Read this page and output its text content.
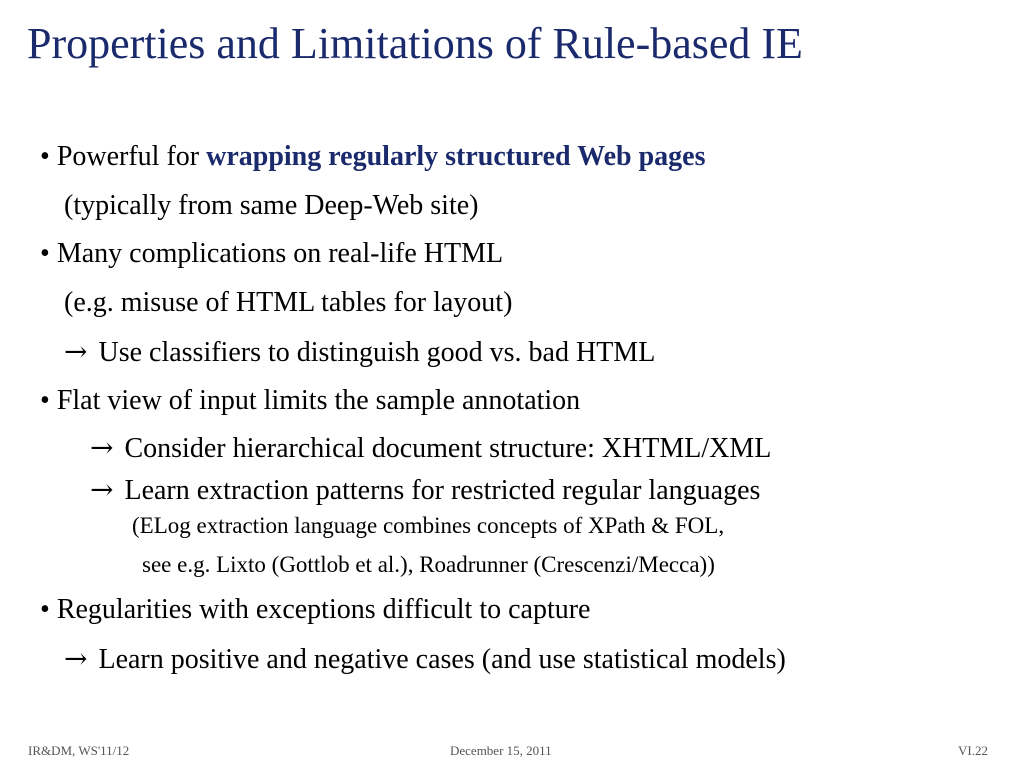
Properties and Limitations of Rule-based IE
• Powerful for wrapping regularly structured Web pages
(typically from same Deep-Web site)
• Many complications on real-life HTML
(e.g. misuse of HTML tables for layout)
→ Use classifiers to distinguish good vs. bad HTML
• Flat view of input limits the sample annotation
→ Consider hierarchical document structure: XHTML/XML
→ Learn extraction patterns for restricted regular languages
(ELog extraction language combines concepts of XPath & FOL,
see e.g. Lixto (Gottlob et al.), Roadrunner (Crescenzi/Mecca))
• Regularities with exceptions difficult to capture
→ Learn positive and negative cases (and use statistical models)
IR&DM, WS'11/12	December 15, 2011	VI.22
